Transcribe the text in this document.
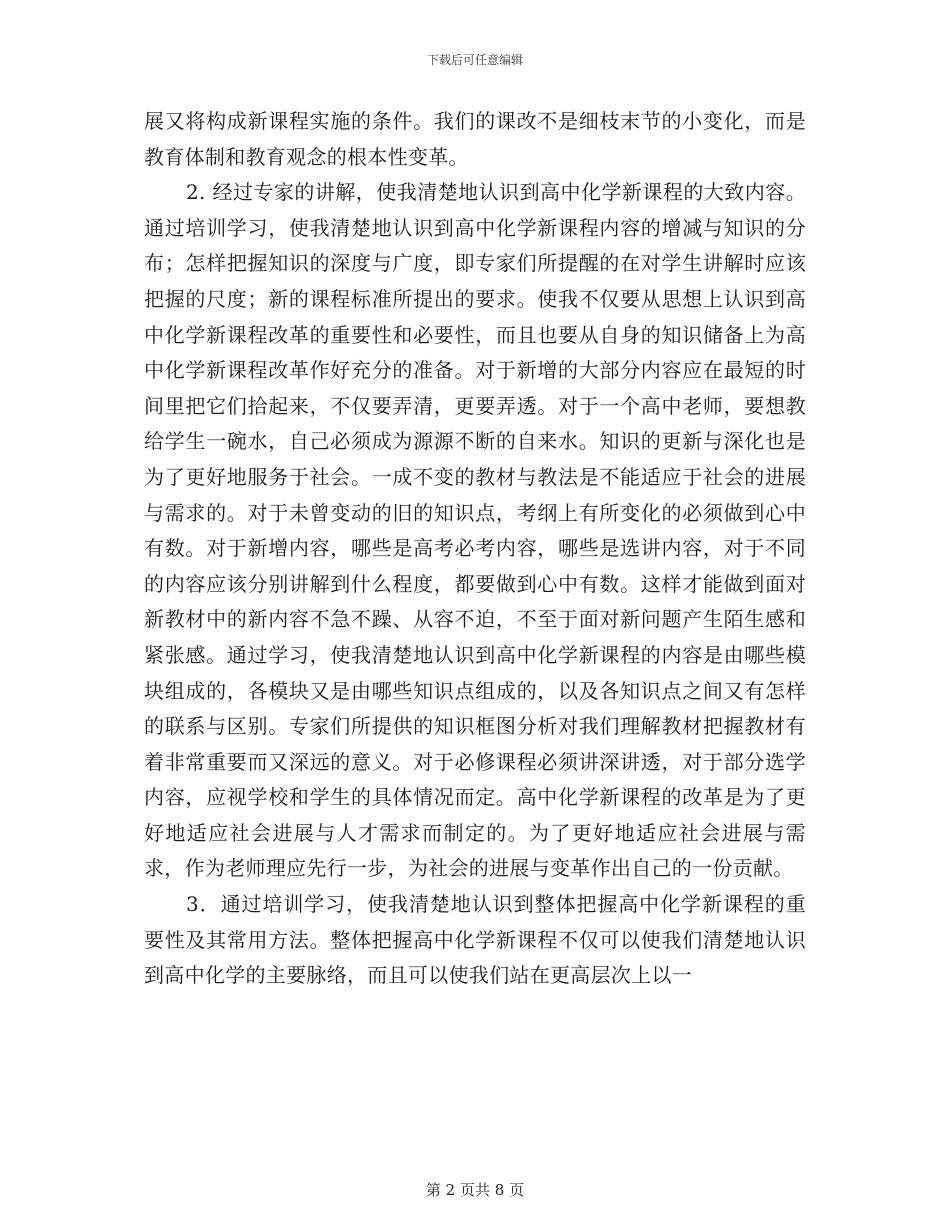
下载后可任意编辑

展又将构成新课程实施的条件。我们的课改不是细枝末节的小变化，而是教育体制和教育观念的根本性变革。

2. 经过专家的讲解，使我清楚地认识到高中化学新课程的大致内容。通过培训学习，使我清楚地认识到高中化学新课程内容的增减与知识的分布；怎样把握知识的深度与广度，即专家们所提醒的在对学生讲解时应该把握的尺度；新的课程标准所提出的要求。使我不仅要从思想上认识到高中化学新课程改革的重要性和必要性，而且也要从自身的知识储备上为高中化学新课程改革作好充分的准备。对于新增的大部分内容应在最短的时间里把它们拾起来，不仅要弄清，更要弄透。对于一个高中老师，要想教给学生一碗水，自己必须成为源源不断的自来水。知识的更新与深化也是为了更好地服务于社会。一成不变的教材与教法是不能适应于社会的进展与需求的。对于未曾变动的旧的知识点，考纲上有所变化的必须做到心中有数。对于新增内容，哪些是高考必考内容，哪些是选讲内容，对于不同的内容应该分别讲解到什么程度，都要做到心中有数。这样才能做到面对新教材中的新内容不急不躁、从容不迫，不至于面对新问题产生陌生感和紧张感。通过学习，使我清楚地认识到高中化学新课程的内容是由哪些模块组成的，各模块又是由哪些知识点组成的，以及各知识点之间又有怎样的联系与区别。专家们所提供的知识框图分析对我们理解教材把握教材有着非常重要而又深远的意义。对于必修课程必须讲深讲透，对于部分选学内容，应视学校和学生的具体情况而定。高中化学新课程的改革是为了更好地适应社会进展与人才需求而制定的。为了更好地适应社会进展与需求，作为老师理应先行一步，为社会的进展与变革作出自己的一份贡献。

3．通过培训学习，使我清楚地认识到整体把握高中化学新课程的重要性及其常用方法。整体把握高中化学新课程不仅可以使我们清楚地认识到高中化学的主要脉络，而且可以使我们站在更高层次上以一

第 2 页共 8 页
